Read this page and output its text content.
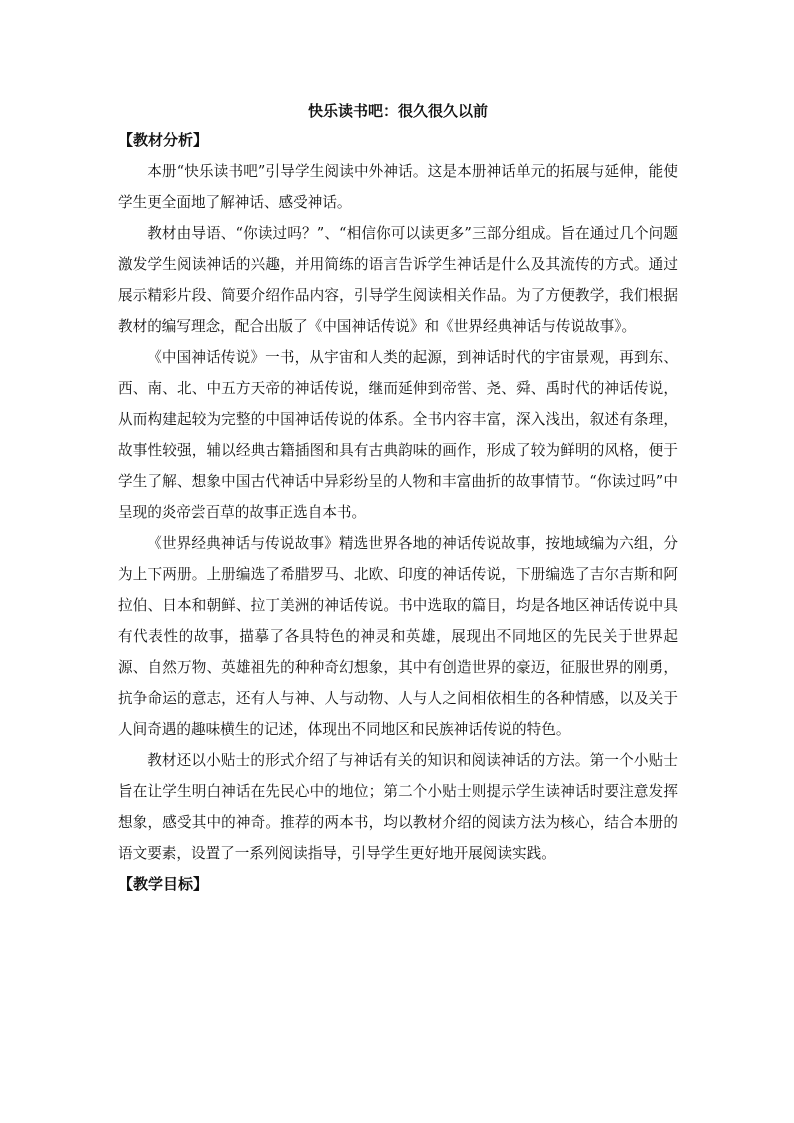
快乐读书吧：很久很久以前
【教材分析】

本册“快乐读书吧”引导学生阅读中外神话。这是本册神话单元的拓展与延伸，能使学生更全面地了解神话、感受神话。

教材由导语、“你读过吗？”、“相信你可以读更多”三部分组成。旨在通过几个问题激发学生阅读神话的兴趣，并用简练的语言告诉学生神话是什么及其流传的方式。通过展示精彩片段、简要介绍作品内容，引导学生阅读相关作品。为了方便教学，我们根据教材的编写理念，配合出版了《中国神话传说》和《世界经典神话与传说故事》。

《中国神话传说》一书，从宇宙和人类的起源，到神话时代的宇宙景观，再到东、西、南、北、中五方天帝的神话传说，继而延伸到帝喾、尧、舜、禹时代的神话传说，从而构建起较为完整的中国神话传说的体系。全书内容丰富，深入浅出，叙述有条理，故事性较强，辅以经典古籍插图和具有古典韵味的画作，形成了较为鲜明的风格，便于学生了解、想象中国古代神话中异彩纷呈的人物和丰富曲折的故事情节。“你读过吗”中呈现的炎帝尝百草的故事正选自本书。

《世界经典神话与传说故事》精选世界各地的神话传说故事，按地域编为六组，分为上下两册。上册编选了希腊罗马、北欧、印度的神话传说，下册编选了吉尔吉斯和阿拉伯、日本和朝鲜、拉丁美洲的神话传说。书中选取的篇目，均是各地区神话传说中具有代表性的故事，描摹了各具特色的神灵和英雄，展现出不同地区的先民关于世界起源、自然万物、英雄祖先的种种奇幻想象，其中有创造世界的豪迈，征服世界的刚勇，抗争命运的意志，还有人与神、人与动物、人与人之间相依相生的各种情感，以及关于人间奇遇的趣味横生的记述，体现出不同地区和民族神话传说的特色。

教材还以小贴士的形式介绍了与神话有关的知识和阅读神话的方法。第一个小贴士旨在让学生明白神话在先民心中的地位；第二个小贴士则提示学生读神话时要注意发挥想象，感受其中的神奇。推荐的两本书，均以教材介绍的阅读方法为核心，结合本册的语文要素，设置了一系列阅读指导，引导学生更好地开展阅读实践。

【教学目标】
